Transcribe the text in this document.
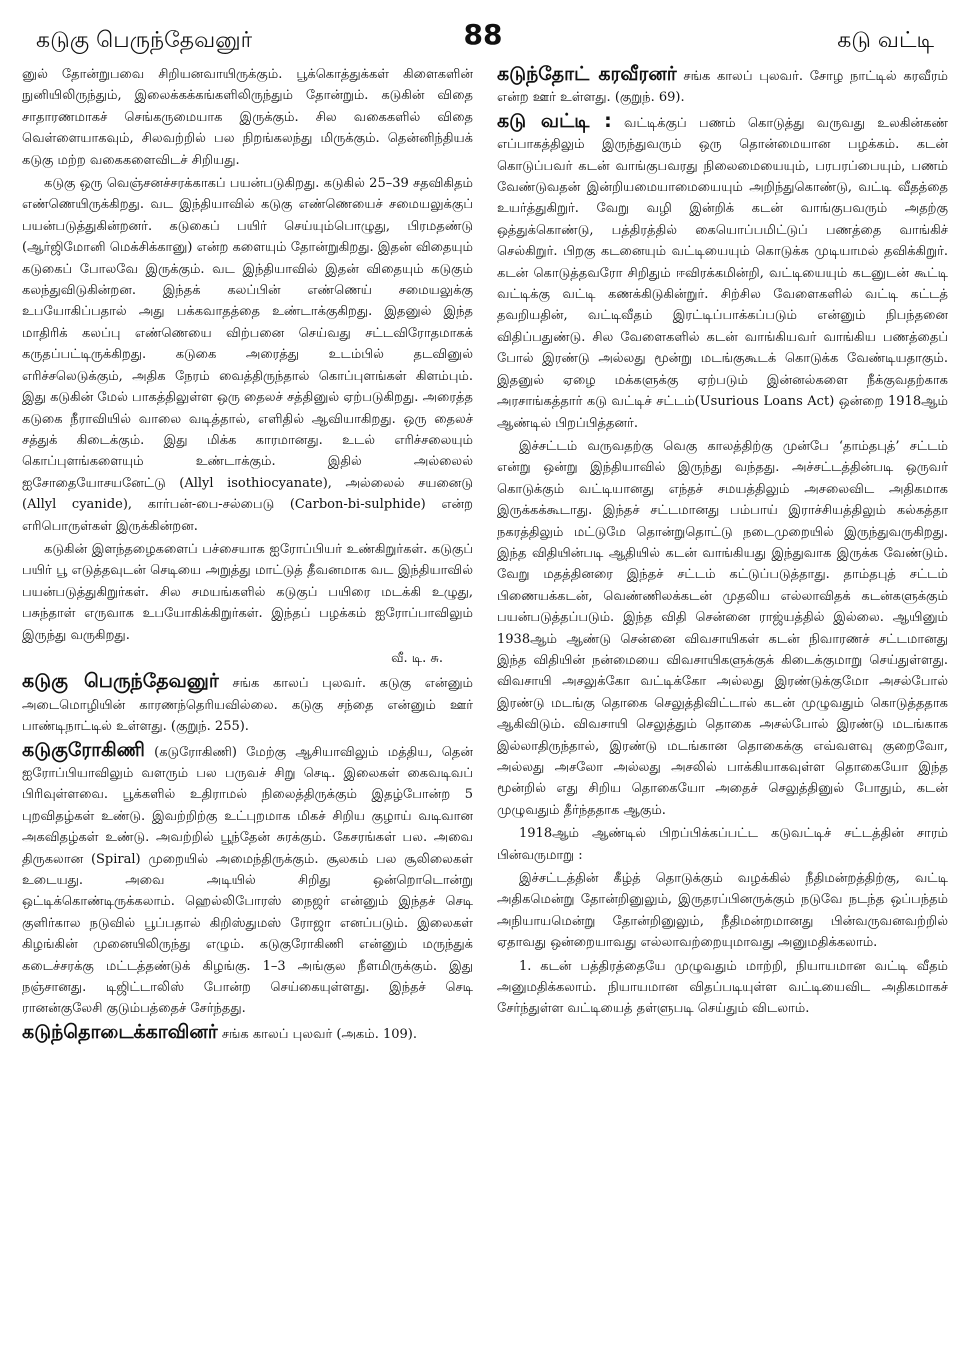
கடுகு பெருந்தேவனுர்	88	கடு வட்டி

னுல் தோன்றுபவை சிறியனவாயிருக்கும். பூக்கொத்துக்கள் கிளைகளின் நுனியிலிருந்தும், இலைக்கக்கங்களிலிருந்தும் தோன்றும். கடுகின் விதை சாதாரணமாகச் செங்கருமையாக இருக்கும். சில வகைகளில் விதை வெள்ளையாகவும், சிலவற்றில் பல நிறங்கலந்து மிருக்கும். தென்னிந்தியக் கடுகு மற்ற வகைகளைவிடச் சிறியது.

கடுகு ஒரு வெஞ்சனச்சரக்காகப் பயன்படுகிறது. கடுகில் 25–39 சதவிகிதம் எண்ணெயிருக்கிறது. வட இந்தியாவில் கடுகு எண்ணெயைச் சமையலுக்குப் பயன்படுத்துகின்றனர். கடுகைப் பயிர் செய்யும்பொழுது, பிரமதண்டு (ஆர்ஜிமோனி மெக்சிக்கானு) என்ற களையும் தோன்றுகிறது. இதன் விதையும் கடுகைப் போலவே இருக்கும். வட இந்தியாவில் இதன் விதையும் கடுகும் கலந்துவிடுகின்றன. இந்தக் கலப்பின் எண்ணெய் சமையலுக்கு உபயோகிப்பதால் அது பக்கவாதத்தை உண்டாக்குகிறது. இதனுல் இந்த மாதிரிக் கலப்பு எண்ணெயை விற்பனை செய்வது சட்டவிரோதமாகக் கருதப்பட்டிருக்கிறது. கடுகை அரைத்து உடம்பில் தடவினுல் எரிச்சலெடுக்கும், அதிக நேரம் வைத்திருந்தால் கொப்புளங்கள் கிளம்பும். இது கடுகின் மேல் பாகத்திலுள்ள ஒரு தைலச் சத்தினுல் ஏற்படுகிறது. அரைத்த கடுகை நீராவியில் வாலை வடித்தால், எளிதில் ஆவியாகிறது. ஒரு தைலச் சத்துக் கிடைக்கும். இது மிக்க காரமானது. உடல் எரிச்சலையும் கொப்புளங்களையும் உண்டாக்கும். இதில் அல்லைல் ஐசோதையோசயனேட்டு (Allyl isothiocyanate), அல்லைல் சயனைடு (Allyl cyanide), கார்பன்-பை-சல்பைடு (Carbon-bi-sulphide) என்ற எரிபொருள்கள் இருக்கின்றன.

கடுகின் இளந்தழைகளைப் பச்சையாக ஐரோப்பியர் உண்கிறுர்கள். கடுகுப் பயிர் பூ எடுத்தவுடன் செடியை அறுத்து மாட்டுத் தீவனமாக வட இந்தியாவில் பயன்படுத்துகிறுர்கள். சில சமயங்களில் கடுகுப் பயிரை மடக்கி உழுது, பசுந்தாள் எருவாக உபயோகிக்கிறுர்கள். இந்தப் பழக்கம் ஐரோப்பாவிலும் இருந்து வருகிறது.

வீ. டி. சு.

கடுகு பெருந்தேவனுர் சங்க காலப் புலவர். கடுகு என்னும் அடைமொழியின் காரணந்தெரியவில்லை. கடுகு சந்தை என்னும் ஊர் பாண்டிநாட்டில் உள்ளது. (குறுந். 255).

கடுகுரோகிணி (கடுரோகிணி) மேற்கு ஆசியாவிலும் மத்திய, தென் ஐரோப்பியாவிலும் வளரும் பல பருவச் சிறு செடி. இலைகள் கைவடிவப் பிரிவுள்ளவை. பூக்களில் உதிராமல் நிலைத்திருக்கும் இதழ்போன்ற 5 புறவிதழ்கள் உண்டு. இவற்றிற்கு உட்புறமாக மிகச் சிறிய குழாய் வடிவான அகவிதழ்கள் உண்டு. அவற்றில் பூந்தேன் சுரக்கும். கேசரங்கள் பல. அவை திருகலான (Spiral) முறையில் அமைந்திருக்கும். சூலகம் பல சூலிலைகள் உடையது. அவை அடியில் சிறிது ஒன்றொடொன்று ஒட்டிக்கொண்டிருக்கலாம். ஹெல்லிபோரஸ் நைஜர் என்னும் இந்தச் செடி குளிர்கால நடுவில் பூப்பதால் கிறிஸ்துமஸ் ரோஜா எனப்படும். இலைகள் கிழங்கின் முனையிலிருந்து எழும். கடுகுரோகிணி என்னும் மருந்துக் கடைச்சரக்கு மட்டத்தண்டுக் கிழங்கு. 1–3 அங்குல நீளமிருக்கும். இது நஞ்சானது. டிஜிட்டாலிஸ் போன்ற செய்கையுள்ளது. இந்தச் செடி ரானன்குலேசி குடும்பத்தைச் சேர்ந்தது.

கடுந்தொடைக்காவினர் சங்க காலப் புலவர் (அகம். 109).

கடுந்தோட் கரவீரனர் சங்க காலப் புலவர். சோழ நாட்டில் கரவீரம் என்ற ஊர் உள்ளது. (குறுந். 69).

கடு வட்டி : வட்டிக்குப் பணம் கொடுத்து வருவது உலகின்கண் எப்பாகத்திலும் இருந்துவரும் ஒரு தொன்மையான பழக்கம். கடன் கொடுப்பவர் கடன் வாங்குபவரது நிலைமையையும், பரபரப்பையும், பணம் வேண்டுவதன் இன்றியமையாமையையும் அறிந்துகொண்டு, வட்டி வீதத்தை உயர்த்துகிறுர். வேறு வழி இன்றிக் கடன் வாங்குபவரும் அதற்கு ஒத்துக்கொண்டு, பத்திரத்தில் கையொப்பமிட்டுப் பணத்தை வாங்கிச் செல்கிறுர். பிறகு கடனையும் வட்டியையும் கொடுக்க முடியாமல் தவிக்கிறுர். கடன் கொடுத்தவரோ சிறிதும் ஈவிரக்கமின்றி, வட்டியையும் கடனுடன் கூட்டி வட்டிக்கு வட்டி கணக்கிடுகின்றுர். சிற்சில வேளைகளில் வட்டி கட்டத் தவறியதின், வட்டிவீதம் இரட்டிப்பாக்கப்படும் என்னும் நிபந்தனை விதிப்பதுண்டு. சில வேளைகளில் கடன் வாங்கியவர் வாங்கிய பணத்தைப் போல் இரண்டு அல்லது மூன்று மடங்குகூடக் கொடுக்க வேண்டியதாகும். இதனுல் ஏழை மக்களுக்கு ஏற்படும் இன்னல்களை நீக்குவதற்காக அரசாங்கத்தார் கடு வட்டிச் சட்டம்(Usurious Loans Act) ஒன்றை 1918ஆம் ஆண்டில் பிறப்பித்தனர்.

இச்சட்டம் வருவதற்கு வெகு காலத்திற்கு முன்பே ‘தாம்தபுத்’ சட்டம் என்று ஒன்று இந்தியாவில் இருந்து வந்தது. அச்சட்டத்தின்படி ஒருவர் கொடுக்கும் வட்டியானது எந்தச் சமயத்திலும் அசலைவிட அதிகமாக இருக்கக்கூடாது. இந்தச் சட்டமானது பம்பாய் இராச்சியத்திலும் கல்கத்தா நகரத்திலும் மட்டுமே தொன்றுதொட்டு நடைமுறையில் இருந்துவருகிறது. இந்த விதியின்படி ஆதியில் கடன் வாங்கியது இந்துவாக இருக்க வேண்டும். வேறு மதத்தினரை இந்தச் சட்டம் கட்டுப்படுத்தாது. தாம்தபுத் சட்டம் பிணையக்கடன், வெண்ணிலக்கடன் முதலிய எல்லாவிதக் கடன்களுக்கும் பயன்படுத்தப்படும். இந்த விதி சென்னை ராஜ்யத்தில் இல்லை. ஆயினும் 1938ஆம் ஆண்டு சென்னை விவசாயிகள் கடன் நிவாரணச் சட்டமானது இந்த விதியின் நன்மையை விவசாயிகளுக்குக் கிடைக்குமாறு செய்துள்ளது. விவசாயி அசலுக்கோ வட்டிக்கோ அல்லது இரண்டுக்குமோ அசல்போல் இரண்டு மடங்கு தொகை செலுத்திவிட்டால் கடன் முழுவதும் கொடுத்ததாக ஆகிவிடும். விவசாயி செலுத்தும் தொகை அசல்போல் இரண்டு மடங்காக இல்லாதிருந்தால், இரண்டு மடங்கான தொகைக்கு எவ்வளவு குறைவோ, அல்லது அசலோ அல்லது அசலில் பாக்கியாகவுள்ள தொகையோ இந்த மூன்றில் எது சிறிய தொகையோ அதைச் செலுத்தினுல் போதும், கடன் முழுவதும் தீர்ந்ததாக ஆகும்.

1918ஆம் ஆண்டில் பிறப்பிக்கப்பட்ட கடுவட்டிச் சட்டத்தின் சாரம் பின்வருமாறு :

இச்சட்டத்தின் கீழ்த் தொடுக்கும் வழக்கில் நீதிமன்றத்திற்கு, வட்டி அதிகமென்று தோன்றினுலும், இருதரப்பினருக்கும் நடுவே நடந்த ஒப்பந்தம் அநியாயமென்று தோன்றினுலும், நீதிமன்றமானது பின்வருவனவற்றில் ஏதாவது ஒன்றையாவது எல்லாவற்றையுமாவது அனுமதிக்கலாம்.

1. கடன் பத்திரத்தையே முழுவதும் மாற்றி, நியாயமான வட்டி வீதம் அனுமதிக்கலாம். நியாயமான விதப்படியுள்ள வட்டியைவிட அதிகமாகச் சேர்ந்துள்ள வட்டியைத் தள்ளுபடி செய்தும் விடலாம்.
